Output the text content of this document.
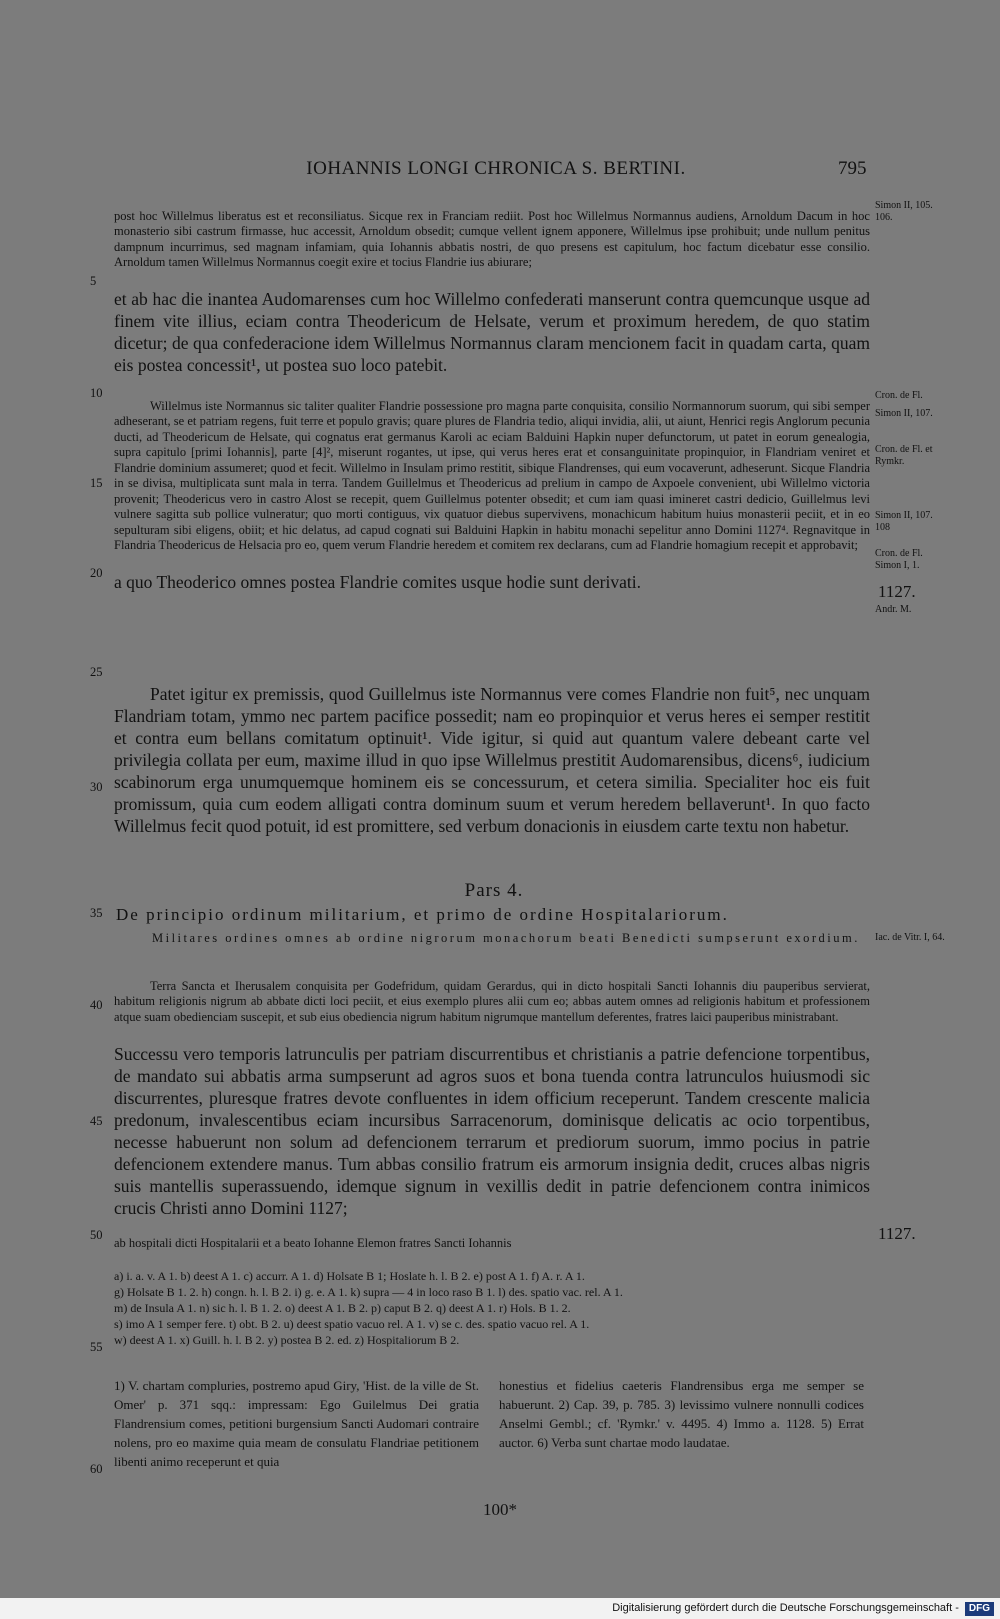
IOHANNIS LONGI CHRONICA S. BERTINI.	795

post hoc Willelmus liberatus est et reconsiliatus. Sicque rex in Franciam rediit. Post hoc Willelmus Normannus audiens, Arnoldum Dacum in hoc monasterio sibi castrum firmasse, huc accessit, Arnoldum obsedit; cumque vellent ignem apponere, Willelmus ipse prohibuit; unde nullum penitus dampnum incurrimus, sed magnam infamiam, quia Iohannis abbatis nostri, de quo presens est capitulum, hoc factum dicebatur esse consilio. Arnoldum tamen Willelmus Normannus coegit exire et tocius Flandrie ius abiurare;

et ab hac die inantea Audomarenses cum hoc Willelmo confederati manserunt contra quemcunque usque ad finem vite illius, eciam contra Theodericum de Helsate, verum et proximum heredem, de quo statim dicetur; de qua confederacione idem Willelmus Normannus claram mencionem facit in quadam carta, quam eis postea concessit¹, ut postea suo loco patebit.

Willelmus iste Normannus sic taliter qualiter Flandrie possessione pro magna parte conquisita, consilio Normannorum suorum, qui sibi semper adheserant, se et patriam regens, fuit terre et populo gravis; quare plures de Flandria tedio, aliqui invidia, alii, ut aiunt, Henrici regis Anglorum pecunia ducti, ad Theodericum de Helsate, qui cognatus erat germanus Karoli ac eciam Balduini Hapkin nuper defunctorum, ut patet in eorum genealogia, supra capitulo [primi Iohannis], parte [4]², miserunt rogantes, ut ipse, qui verus heres erat et consanguinitate propinquior, in Flandriam veniret et Flandrie dominium assumeret; quod et fecit. Willelmo in Insulam primo restitit, sibique Flandrenses, qui eum vocaverunt, adheserunt. Sicque Flandria in se divisa, multiplicata sunt mala in terra. Tandem Guillelmus et Theodericus ad prelium in campo de Axpoele convenient, ubi Willelmo victoria provenit; Theodericus vero in castro Alost se recepit, quem Guillelmus potenter obsedit; et cum iam quasi imineret castri dedicio, Guillelmus levi vulnere sagitta sub pollice vulneratur; quo morti contiguus, vix quatuor diebus supervivens, monachicum habitum huius monasterii peciit, et in eo sepulturam sibi eligens, obiit; et hic delatus, ad capud cognati sui Balduini Hapkin in habitu monachi sepelitur anno Domini 1127⁴. Regnavitque in Flandria Theodericus de Helsacia pro eo, quem verum Flandrie heredem et comitem rex declarans, cum ad Flandrie homagium recepit et approbavit;

a quo Theoderico omnes postea Flandrie comites usque hodie sunt derivati.

Patet igitur ex premissis, quod Guillelmus iste Normannus vere comes Flandrie non fuit⁵, nec unquam Flandriam totam, ymmo nec partem pacifice possedit; nam eo propinquior et verus heres ei semper restitit et contra eum bellans comitatum optinuit¹. Vide igitur, si quid aut quantum valere debeant carte vel privilegia collata per eum, maxime illud in quo ipse Willelmus prestitit Audomarensibus, dicens⁶, iudicium scabinorum erga unumquemque hominem eis se concessurum, et cetera similia. Specialiter hoc eis fuit promissum, quia cum eodem alligati contra dominum suum et verum heredem bellaverunt¹. In quo facto Willelmus fecit quod potuit, id est promittere, sed verbum donacionis in eiusdem carte textu non habetur.

Pars 4.
De principio ordinum militarium, et primo de ordine Hospitalariorum.
Militares ordines omnes ab ordine nigrorum monachorum beati Benedicti sumpserunt exordium.

Terra Sancta et Iherusalem conquisita per Godefridum, quidam Gerardus, qui in dicto hospitali Sancti Iohannis diu pauperibus servierat, habitum religionis nigrum ab abbate dicti loci peciit, et eius exemplo plures alii cum eo; abbas autem omnes ad religionis habitum et professionem atque suam obedienciam suscepit, et sub eius obediencia nigrum habitum nigrumque mantellum deferentes, fratres laici pauperibus ministrabant.

Successu vero temporis latrunculis per patriam discurrentibus et christianis a patrie defencione torpentibus, de mandato sui abbatis arma sumpserunt ad agros suos et bona tuenda contra latrunculos huiusmodi sic discurrentes, pluresque fratres devote confluentes in idem officium receperunt. Tandem crescente malicia predonum, invalescentibus eciam incursibus Sarracenorum, dominisque delicatis ac ocio torpentibus, necesse habuerunt non solum ad defencionem terrarum et prediorum suorum, immo pocius in patrie defencionem extendere manus. Tum abbas consilio fratrum eis armorum insignia dedit, cruces albas nigris suis mantellis superassuendo, idemque signum in vexillis dedit in patrie defencionem contra inimicos crucis Christi anno Domini 1127;

ab hospitali dicti Hospitalarii et a beato Iohanne Elemon fratres Sancti Iohannis

5
10
15
20
25
30
35
40
45
50
55
60
Simon II, 105. 106.
Cron. de Fl.
Simon II, 107.
Cron. de Fl. et Rymkr.
Simon II, 107. 108
Cron. de Fl. Simon I, 1.
1127.
Andr. M.
Iac. de Vitr. I, 64.
1127.

a) i. a. v. A 1. b) deest A 1. c) accurr. A 1. d) Holsate B 1; Hoslate h. l. B 2. e) post A 1. f) A. r. A 1.

g) Holsate B 1. 2. h) congn. h. l. B 2. i) g. e. A 1. k) supra — 4 in loco raso B 1. l) des. spatio vac. rel. A 1.

m) de Insula A 1. n) sic h. l. B 1. 2. o) deest A 1. B 2. p) caput B 2. q) deest A 1. r) Hols. B 1. 2.

s) imo A 1 semper fere. t) obt. B 2. u) deest spatio vacuo rel. A 1. v) se c. des. spatio vacuo rel. A 1.

w) deest A 1. x) Guill. h. l. B 2. y) postea B 2. ed. z) Hospitaliorum B 2.

1) V. chartam compluries, postremo apud Giry, 'Hist. de la ville de St. Omer' p. 371 sqq.: impressam: Ego Guilelmus Dei gratia Flandrensium comes, petitioni burgensium Sancti Audomari contraire nolens, pro eo maxime quia meam de consulatu Flandriae petitionem libenti animo receperunt et quia

honestius et fidelius caeteris Flandrensibus erga me semper se habuerunt. 2) Cap. 39, p. 785. 3) levissimo vulnere nonnulli codices Anselmi Gembl.; cf. 'Rymkr.' v. 4495. 4) Immo a. 1128. 5) Errat auctor. 6) Verba sunt chartae modo laudatae.

100*
Digitalisierung gefördert durch die Deutsche Forschungsgemeinschaft - DFG
